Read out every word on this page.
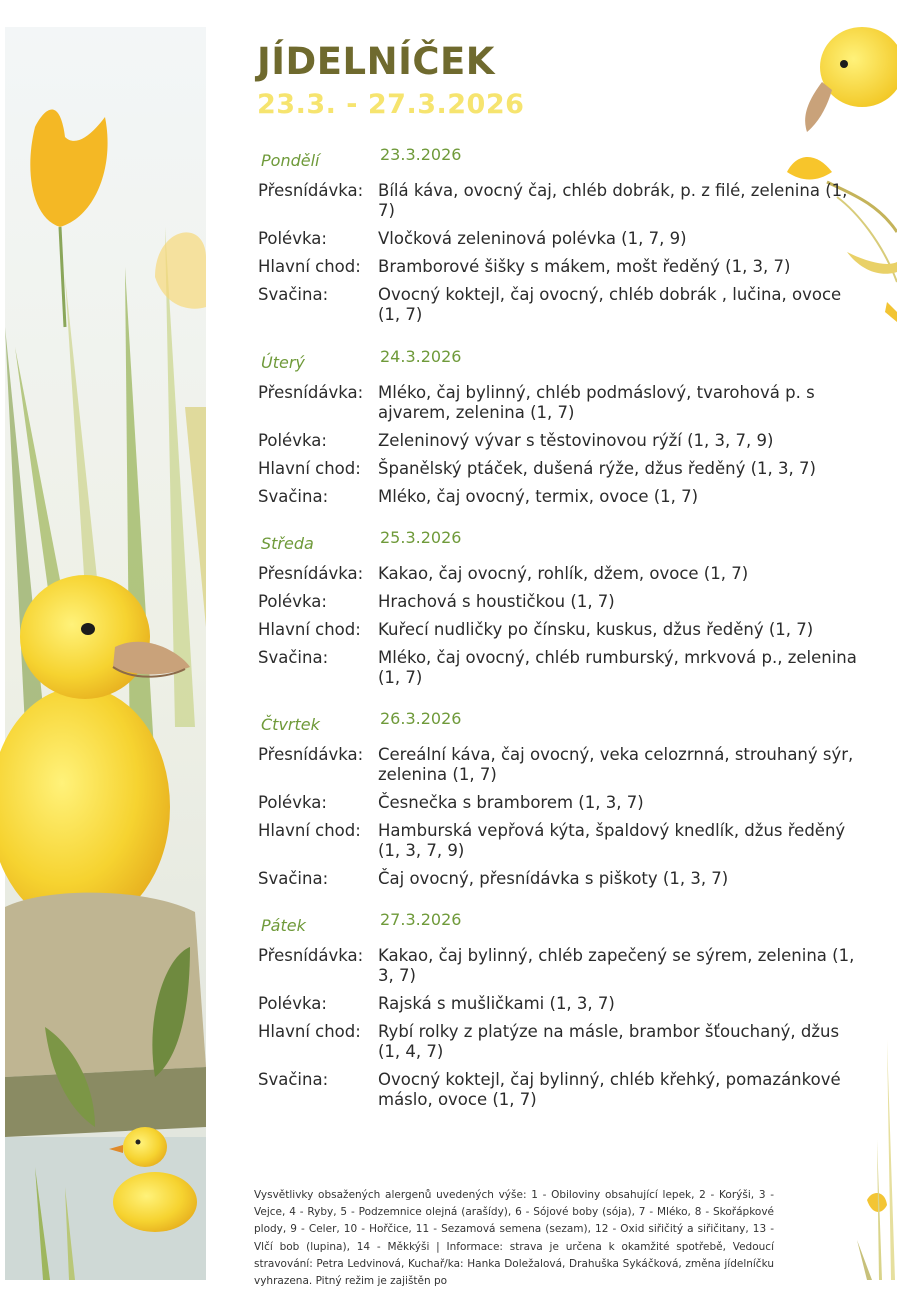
JÍDELNÍČEK
23.3. - 27.3.2026
Pondělí	23.3.2026
Přesnídávka: Bílá káva, ovocný čaj, chléb dobrák, p. z filé, zelenina (1, 7)
Polévka:	Vločková zeleninová polévka (1, 7, 9)
Hlavní chod:	Bramborové šišky s mákem, mošt ředěný (1, 3, 7)
Svačina:	Ovocný koktejl, čaj ovocný, chléb dobrák , lučina, ovoce (1, 7)
Úterý	24.3.2026
Přesnídávka: Mléko, čaj bylinný, chléb podmáslový, tvarohová p. s ajvarem, zelenina (1, 7)
Polévka:	Zeleninový vývar s těstovinovou rýží (1, 3, 7, 9)
Hlavní chod:	Španělský ptáček, dušená rýže, džus ředěný (1, 3, 7)
Svačina:	Mléko, čaj ovocný, termix, ovoce (1, 7)
Středa	25.3.2026
Přesnídávka: Kakao, čaj ovocný, rohlík, džem, ovoce (1, 7)
Polévka:	Hrachová s houstičkou (1, 7)
Hlavní chod:	Kuřecí nudličky po čínsku, kuskus, džus ředěný (1, 7)
Svačina:	Mléko, čaj ovocný, chléb rumburský, mrkvová p., zelenina (1, 7)
Čtvrtek	26.3.2026
Přesnídávka: Cereální káva, čaj ovocný, veka celozrnná, strouhaný sýr, zelenina (1, 7)
Polévka:	Česnečka s bramborem (1, 3, 7)
Hlavní chod:	Hamburská vepřová kýta, špaldový knedlík, džus ředěný (1, 3, 7, 9)
Svačina:	Čaj ovocný, přesnídávka s piškoty (1, 3, 7)
Pátek	27.3.2026
Přesnídávka: Kakao, čaj bylinný, chléb zapečený se sýrem, zelenina (1, 3, 7)
Polévka:	Rajská s mušličkami (1, 3, 7)
Hlavní chod:	Rybí rolky z platýze na másle, brambor šťouchaný, džus (1, 4, 7)
Svačina:	Ovocný koktejl, čaj bylinný, chléb křehký, pomazánkové máslo, ovoce (1, 7)
Vysvětlivky obsažených alergenů uvedených výše: 1 - Obiloviny obsahující lepek, 2 - Korýši, 3 - Vejce, 4 - Ryby, 5 - Podzemnice olejná (arašídy), 6 - Sójové boby (sója), 7 - Mléko, 8 - Skořápkové plody, 9 - Celer, 10 - Hořčice, 11 - Sezamová semena (sezam), 12 - Oxid siřičitý a siřičitany, 13 - Vlčí bob (lupina), 14 - Měkkýši | Informace: strava je určena k okamžité spotřebě, Vedoucí stravování: Petra Ledvinová, Kuchař/ka: Hanka Doležalová, Drahuška Sykáčková, změna jídelníčku vyhrazena. Pitný režim je zajištěn po
